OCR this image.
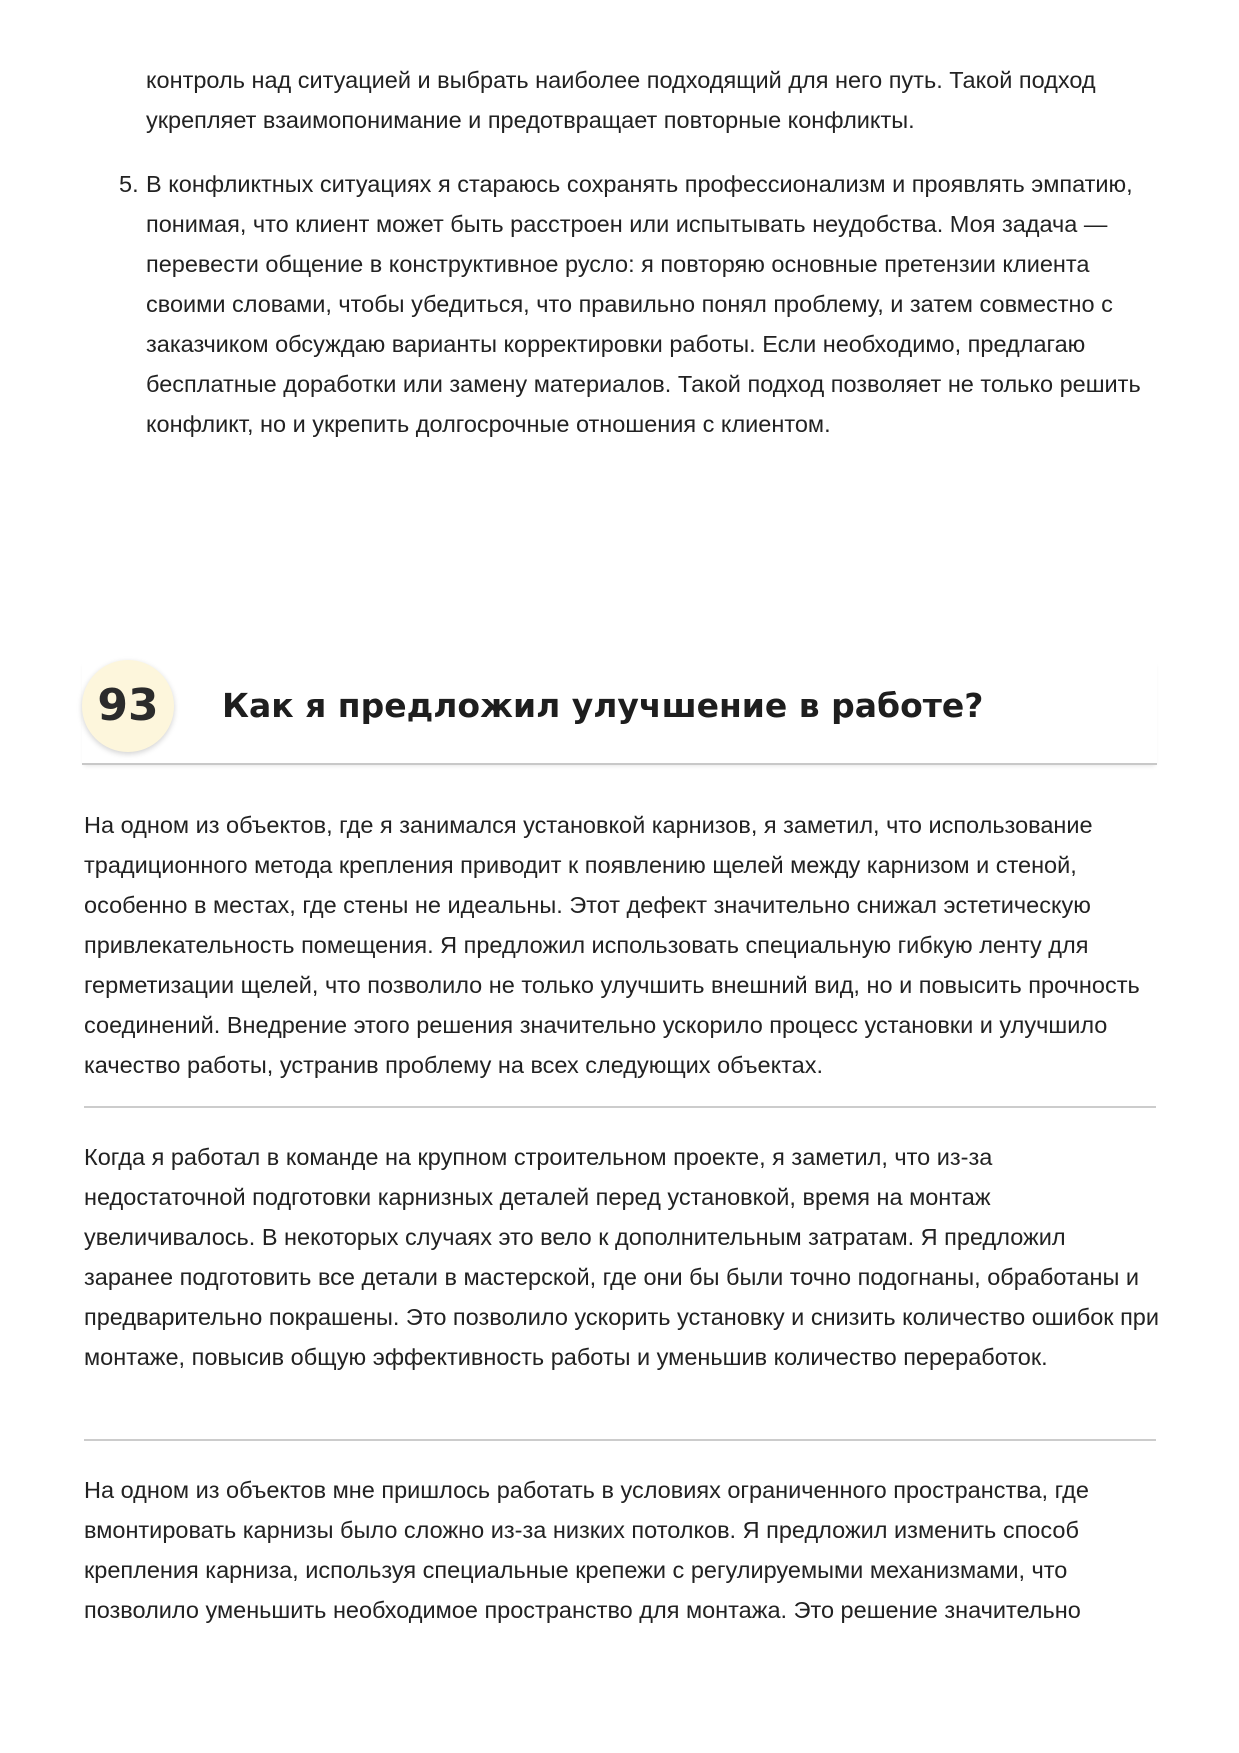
контроль над ситуацией и выбрать наиболее подходящий для него путь. Такой подход укрепляет взаимопонимание и предотвращает повторные конфликты.

5. В конфликтных ситуациях я стараюсь сохранять профессионализм и проявлять эмпатию, понимая, что клиент может быть расстроен или испытывать неудобства. Моя задача — перевести общение в конструктивное русло: я повторяю основные претензии клиента своими словами, чтобы убедиться, что правильно понял проблему, и затем совместно с заказчиком обсуждаю варианты корректировки работы. Если необходимо, предлагаю бесплатные доработки или замену материалов. Такой подход позволяет не только решить конфликт, но и укрепить долгосрочные отношения с клиентом.

93	Как я предложил улучшение в работе?

На одном из объектов, где я занимался установкой карнизов, я заметил, что использование традиционного метода крепления приводит к появлению щелей между карнизом и стеной, особенно в местах, где стены не идеальны. Этот дефект значительно снижал эстетическую привлекательность помещения. Я предложил использовать специальную гибкую ленту для герметизации щелей, что позволило не только улучшить внешний вид, но и повысить прочность соединений. Внедрение этого решения значительно ускорило процесс установки и улучшило качество работы, устранив проблему на всех следующих объектах.

Когда я работал в команде на крупном строительном проекте, я заметил, что из-за недостаточной подготовки карнизных деталей перед установкой, время на монтаж увеличивалось. В некоторых случаях это вело к дополнительным затратам. Я предложил заранее подготовить все детали в мастерской, где они бы были точно подогнаны, обработаны и предварительно покрашены. Это позволило ускорить установку и снизить количество ошибок при монтаже, повысив общую эффективность работы и уменьшив количество переработок.

На одном из объектов мне пришлось работать в условиях ограниченного пространства, где вмонтировать карнизы было сложно из-за низких потолков. Я предложил изменить способ крепления карниза, используя специальные крепежи с регулируемыми механизмами, что позволило уменьшить необходимое пространство для монтажа. Это решение значительно
